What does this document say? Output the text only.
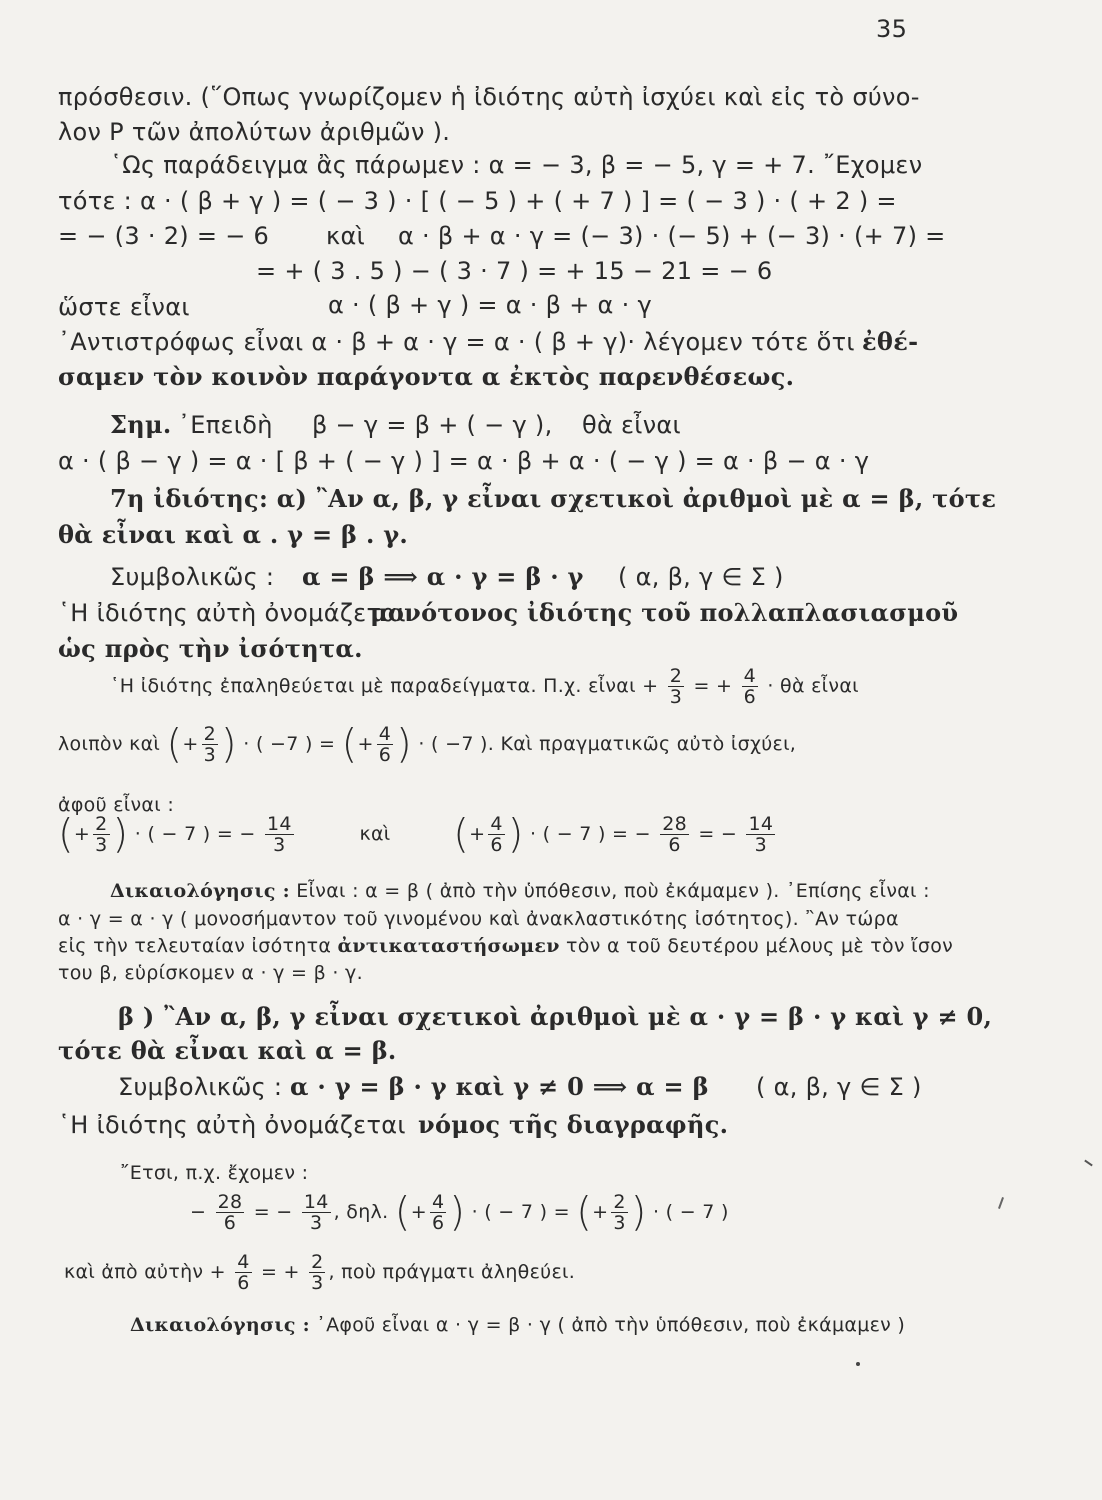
35
πρόσθεσιν. (῞Οπως γνωρίζομεν ἡ ἰδιότης αὐτὴ ἰσχύει καὶ εἰς τὸ σύνο-
λον P τῶν ἀπολύτων ἀριθμῶν ).
῾Ως παράδειγμα ἂς πάρωμεν : α = − 3, β = − 5, γ = + 7. ῎Εχομεν
τότε : α · ( β + γ ) = ( − 3 ) · [ ( − 5 ) + ( + 7 ) ] = ( − 3 ) · ( + 2 ) =
= − (3 · 2) = − 6 καὶ α · β + α · γ = (− 3) · (− 5) + (− 3) · (+ 7) =
= + ( 3 . 5 ) − ( 3 · 7 ) = + 15 − 21 = − 6
ὥστε εἶναι	α · ( β + γ ) = α · β + α · γ
᾿Αντιστρόφως εἶναι α · β + α · γ = α · ( β + γ)· λέγομεν τότε ὅτι ἐθέ-
σαμεν τὸν κοινὸν παράγοντα α ἐκτὸς παρενθέσεως.
Σημ. ᾿Επειδὴ β − γ = β + ( − γ ), θὰ εἶναι
α · ( β − γ ) = α · [ β + ( − γ ) ] = α · β + α · ( − γ ) = α · β − α · γ
7η ἰδιότης: α) ῍Αν α, β, γ εἶναι σχετικοὶ ἀριθμοὶ μὲ α = β, τότε
θὰ εἶναι καὶ α . γ = β . γ.
Συμβολικῶς : α = β ⟹ α · γ = β · γ ( α, β, γ ∈ Σ )
῾Η ἰδιότης αὐτὴ ὀνομάζεται
μονότονος ἰδιότης τοῦ πολλαπλασιασμοῦ
ὡς πρὸς τὴν ἰσότητα.
῾Η ἰδιότης ἐπαληθεύεται μὲ παραδείγματα. Π.χ. εἶναι + $\frac{2}{3}$ = + $\frac{4}{6}$ · θὰ εἶναι
λοιπὸν καὶ (+ $\frac{2}{3}$ ) · ( −7 ) = (+ $\frac{4}{6}$ ) · ( −7 ). Καὶ πραγματικῶς αὐτὸ ἰσχύει,
ἀφοῦ εἶναι :
(+ $\frac{2}{3}$ ) · ( − 7 ) = − $\frac{14}{3}$	καὶ (+ $\frac{4}{6}$ ) · ( − 7 ) = − $\frac{28}{6}$ = − $\frac{14}{3}$
Δικαιολόγησις : Εἶναι : α = β ( ἀπὸ τὴν ὑπόθεσιν, ποὺ ἐκάμαμεν ). ᾿Επίσης εἶναι :
α · γ = α · γ ( μονοσήμαντον τοῦ γινομένου καὶ ἀνακλαστικότης ἰσότητος). ῍Αν τώρα
εἰς τὴν τελευταίαν ἰσότητα ἀντικαταστήσωμεν τὸν α τοῦ δευτέρου μέλους μὲ τὸν ἴσον
του β, εὑρίσκομεν α · γ = β · γ.
β ) ῍Αν α, β, γ εἶναι σχετικοὶ ἀριθμοὶ μὲ α · γ = β · γ καὶ γ ≠ 0,
τότε θὰ εἶναι καὶ α = β.
Συμβολικῶς : α · γ = β · γ καὶ γ ≠ 0 ⟹ α = β ( α, β, γ ∈ Σ )
῾Η ἰδιότης αὐτὴ ὀνομάζεται νόμος τῆς διαγραφῆς.
῎Ετσι, π.χ. ἔχομεν :
− $\frac{28}{6}$ = − $\frac{14}{3}$ , δηλ. (+ $\frac{4}{6}$ ) · ( − 7 ) = (+ $\frac{2}{3}$ ) · ( − 7 )
καὶ ἀπὸ αὐτὴν + $\frac{4}{6}$ = + $\frac{2}{3}$ , ποὺ πράγματι ἀληθεύει.
Δικαιολόγησις : ᾿Αφοῦ εἶναι α · γ = β · γ ( ἀπὸ τὴν ὑπόθεσιν, ποὺ ἐκάμαμεν )
